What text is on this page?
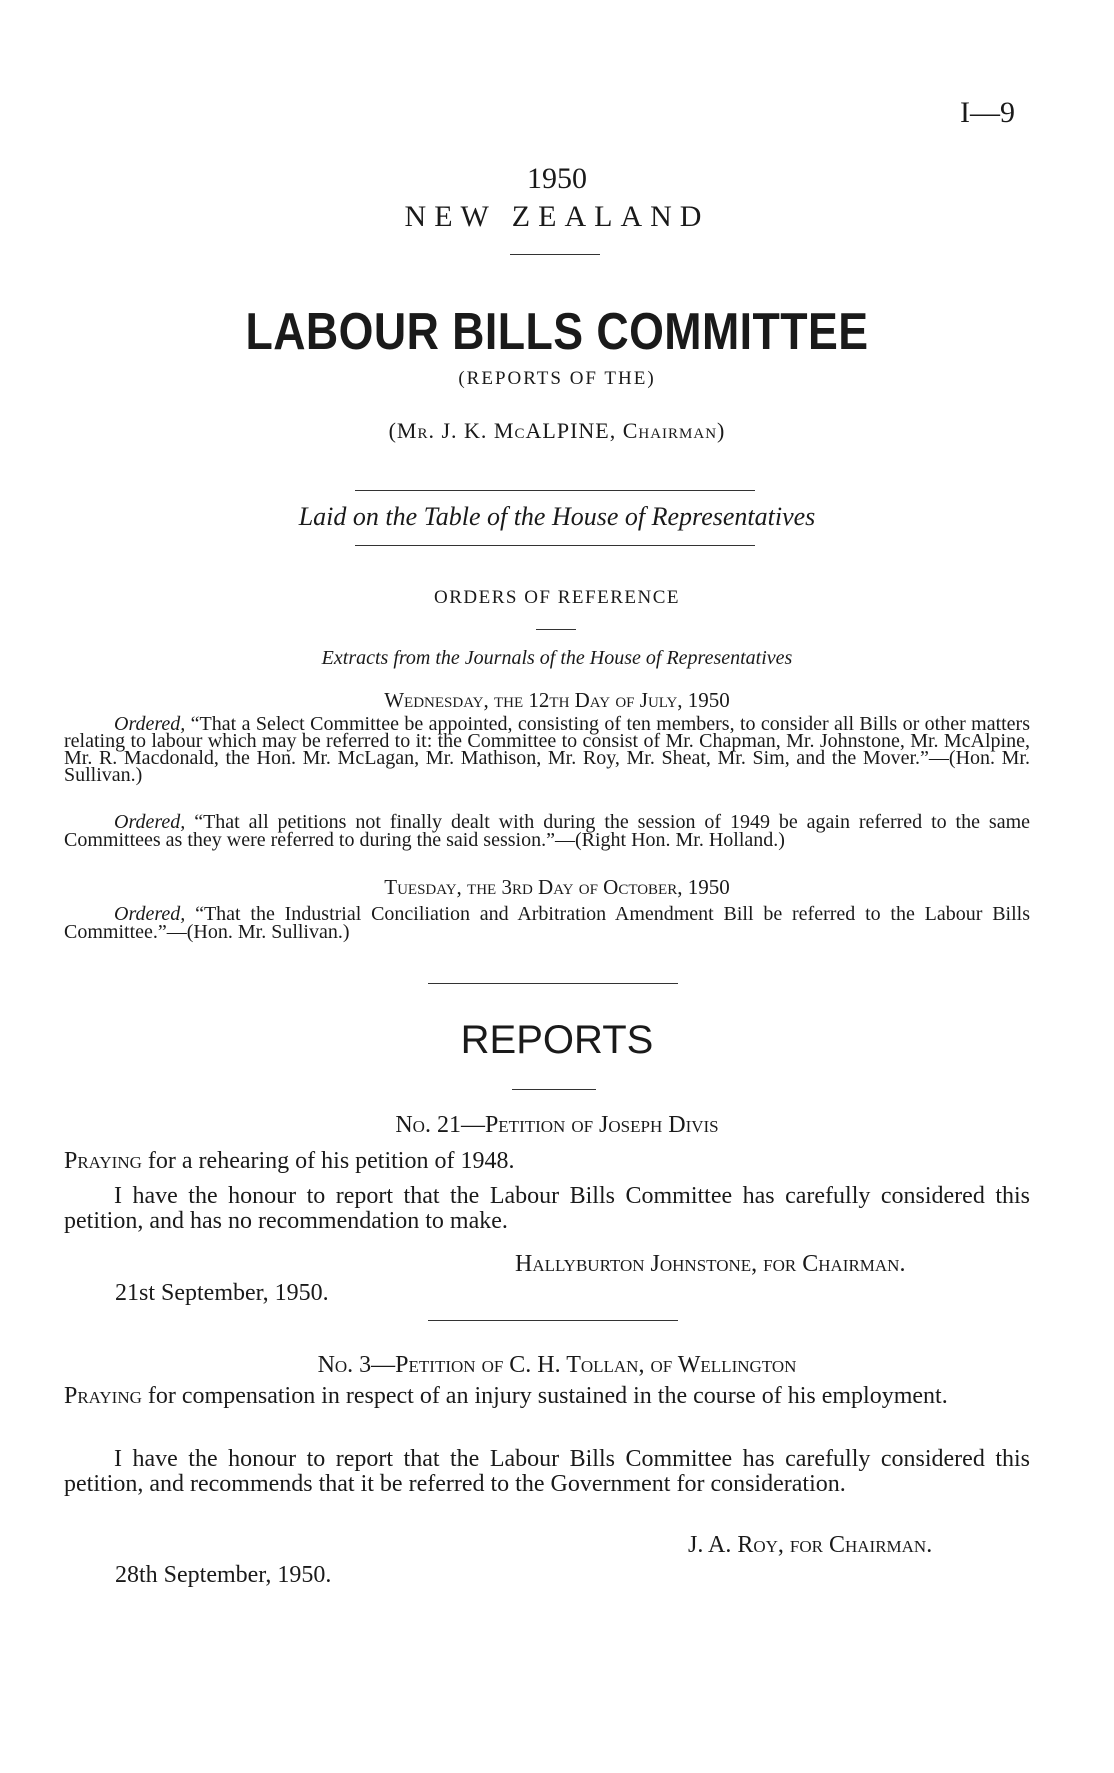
I—9
1950
NEW ZEALAND
LABOUR BILLS COMMITTEE
(REPORTS OF THE)
(Mr. J. K. McALPINE, Chairman)
Laid on the Table of the House of Representatives
ORDERS OF REFERENCE
Extracts from the Journals of the House of Representatives
Wednesday, the 12th Day of July, 1950
Ordered, “That a Select Committee be appointed, consisting of ten members, to consider all Bills or other matters relating to labour which may be referred to it: the Committee to consist of Mr. Chapman, Mr. Johnstone, Mr. McAlpine, Mr. R. Macdonald, the Hon. Mr. McLagan, Mr. Mathison, Mr. Roy, Mr. Sheat, Mr. Sim, and the Mover.”—(Hon. Mr. Sullivan.)
Ordered, “That all petitions not finally dealt with during the session of 1949 be again referred to the same Committees as they were referred to during the said session.”—(Right Hon. Mr. Holland.)
Tuesday, the 3rd Day of October, 1950
Ordered, “That the Industrial Conciliation and Arbitration Amendment Bill be referred to the Labour Bills Committee.”—(Hon. Mr. Sullivan.)
REPORTS
No. 21—Petition of Joseph Divis
Praying for a rehearing of his petition of 1948.
I have the honour to report that the Labour Bills Committee has carefully considered this petition, and has no recommendation to make.
Hallyburton Johnstone, for Chairman.
21st September, 1950.
No. 3—Petition of C. H. Tollan, of Wellington
Praying for compensation in respect of an injury sustained in the course of his employment.
I have the honour to report that the Labour Bills Committee has carefully considered this petition, and recommends that it be referred to the Government for consideration.
J. A. Roy, for Chairman.
28th September, 1950.
